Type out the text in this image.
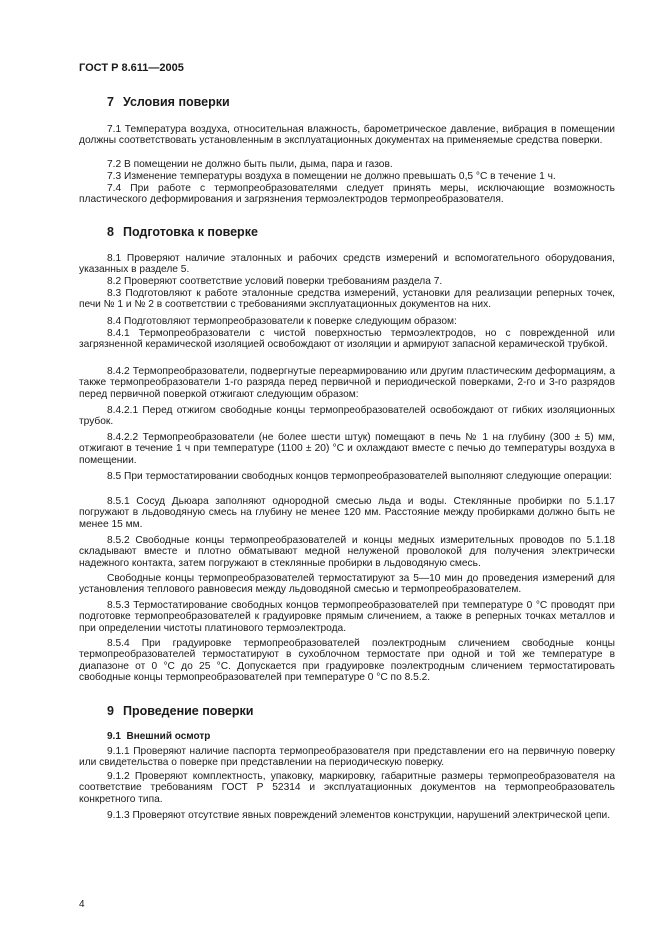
ГОСТ Р 8.611—2005
7 Условия поверки
7.1 Температура воздуха, относительная влажность, барометрическое давление, вибрация в помещении должны соответствовать установленным в эксплуатационных документах на применяемые средства поверки.
7.2 В помещении не должно быть пыли, дыма, пара и газов.
7.3 Изменение температуры воздуха в помещении не должно превышать 0,5 °С в течение 1 ч.
7.4 При работе с термопреобразователями следует принять меры, исключающие возможность пластического деформирования и загрязнения термоэлектродов термопреобразователя.
8 Подготовка к поверке
8.1 Проверяют наличие эталонных и рабочих средств измерений и вспомогательного оборудования, указанных в разделе 5.
8.2 Проверяют соответствие условий поверки требованиям раздела 7.
8.3 Подготовляют к работе эталонные средства измерений, установки для реализации реперных точек, печи № 1 и № 2 в соответствии с требованиями эксплуатационных документов на них.
8.4 Подготовляют термопреобразователи к поверке следующим образом:
8.4.1 Термопреобразователи с чистой поверхностью термоэлектродов, но с поврежденной или загрязненной керамической изоляцией освобождают от изоляции и армируют запасной керамической трубкой.
8.4.2 Термопреобразователи, подвергнутые переармированию или другим пластическим деформациям, а также термопреобразователи 1-го разряда перед первичной и периодической поверками, 2-го и 3-го разрядов перед первичной поверкой отжигают следующим образом:
8.4.2.1 Перед отжигом свободные концы термопреобразователей освобождают от гибких изоляционных трубок.
8.4.2.2 Термопреобразователи (не более шести штук) помещают в печь № 1 на глубину (300 ± 5) мм, отжигают в течение 1 ч при температуре (1100 ± 20) °С и охлаждают вместе с печью до температуры воздуха в помещении.
8.5 При термостатировании свободных концов термопреобразователей выполняют следующие операции:
8.5.1 Сосуд Дьюара заполняют однородной смесью льда и воды. Стеклянные пробирки по 5.1.17 погружают в льдоводяную смесь на глубину не менее 120 мм. Расстояние между пробирками должно быть не менее 15 мм.
8.5.2 Свободные концы термопреобразователей и концы медных измерительных проводов по 5.1.18 складывают вместе и плотно обматывают медной нелуженой проволокой для получения электрически надежного контакта, затем погружают в стеклянные пробирки в льдоводяную смесь.
Свободные концы термопреобразователей термостатируют за 5—10 мин до проведения измерений для установления теплового равновесия между льдоводяной смесью и термопреобразователем.
8.5.3 Термостатирование свободных концов термопреобразователей при температуре 0 °С проводят при подготовке термопреобразователей к градуировке прямым сличением, а также в реперных точках металлов и при определении чистоты платинового термоэлектрода.
8.5.4 При градуировке термопреобразователей поэлектродным сличением свободные концы термопреобразователей термостатируют в сухоблочном термостате при одной и той же температуре в диапазоне от 0 °С до 25 °С. Допускается при градуировке поэлектродным сличением термостатировать свободные концы термопреобразователей при температуре 0 °С по 8.5.2.
9 Проведение поверки
9.1 Внешний осмотр
9.1.1 Проверяют наличие паспорта термопреобразователя при представлении его на первичную поверку или свидетельства о поверке при представлении на периодическую поверку.
9.1.2 Проверяют комплектность, упаковку, маркировку, габаритные размеры термопреобразователя на соответствие требованиям ГОСТ Р 52314 и эксплуатационных документов на термопреобразователь конкретного типа.
9.1.3 Проверяют отсутствие явных повреждений элементов конструкции, нарушений электрической цепи.
4
